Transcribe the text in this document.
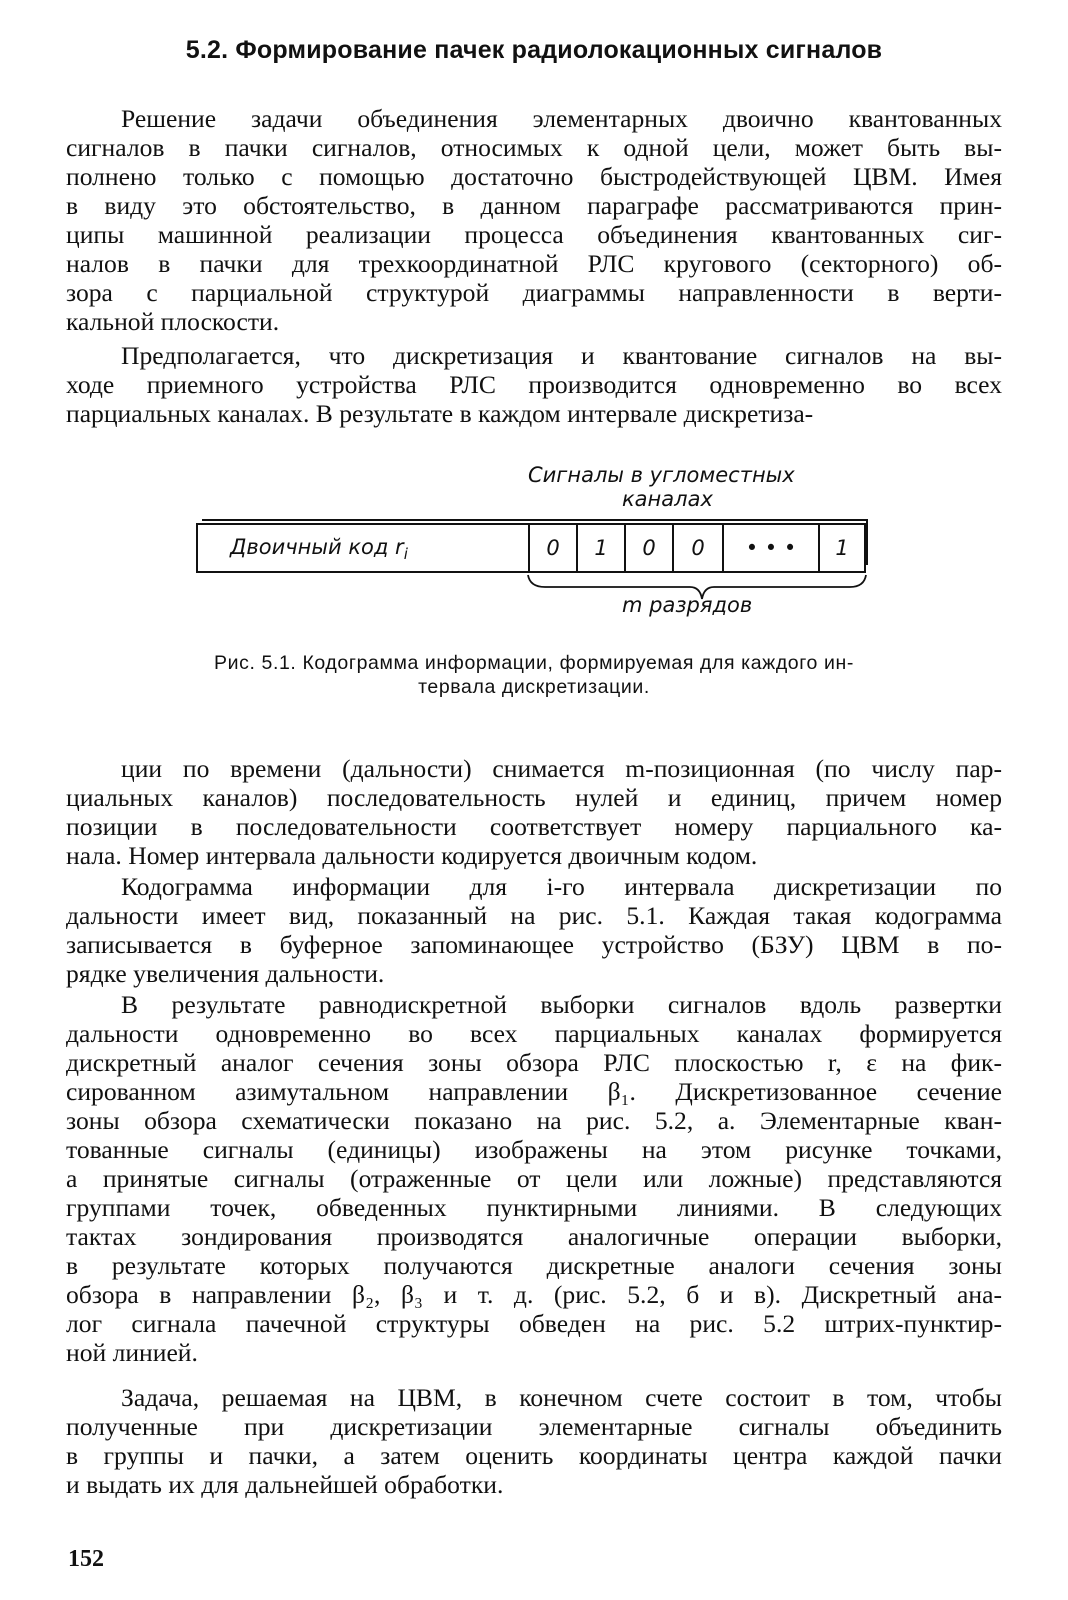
5.2. Формирование пачек радиолокационных сигналов
Решение задачи объединения элементарных двоично квантованных
сигналов в пачки сигналов, относимых к одной цели, может быть вы-
полнено только с помощью достаточно быстродействующей ЦВМ. Имея
в виду это обстоятельство, в данном параграфе рассматриваются прин-
ципы машинной реализации процесса объединения квантованных сиг-
налов в пачки для трехкоординатной РЛС кругового (секторного) об-
зора с парциальной структурой диаграммы направленности в верти-
кальной плоскости.
Предполагается, что дискретизация и квантование сигналов на вы-
ходе приемного устройства РЛС производится одновременно во всех
парциальных каналах. В результате в каждом интервале дискретиза-
Сигналы в угломестных
каналах
Двоичный код $r_i$	0 1 0 0 • • • 1
m разрядов
Рис. 5.1. Кодограмма информации, формируемая для каждого ин-
тервала дискретизации.
ции по времени (дальности) снимается m-позиционная (по числу пар-
циальных каналов) последовательность нулей и единиц, причем номер
позиции в последовательности соответствует номеру парциального ка-
нала. Номер интервала дальности кодируется двоичным кодом.
Кодограмма информации для i-го интервала дискретизации по
дальности имеет вид, показанный на рис. 5.1. Каждая такая кодограмма
записывается в буферное запоминающее устройство (БЗУ) ЦВМ в по-
рядке увеличения дальности.
В результате равнодискретной выборки сигналов вдоль развертки
дальности одновременно во всех парциальных каналах формируется
дискретный аналог сечения зоны обзора РЛС плоскостью r, ε на фик-
сированном азимутальном направлении β₁. Дискретизованное сечение
зоны обзора схематически показано на рис. 5.2, а. Элементарные кван-
тованные сигналы (единицы) изображены на этом рисунке точками,
а принятые сигналы (отраженные от цели или ложные) представляются
группами точек, обведенных пунктирными линиями. В следующих
тактах зондирования производятся аналогичные операции выборки,
в результате которых получаются дискретные аналоги сечения зоны
обзора в направлении β₂, β₃ и т. д. (рис. 5.2, б и в). Дискретный ана-
лог сигнала пачечной структуры обведен на рис. 5.2 штрих-пунктир-
ной линией.
Задача, решаемая на ЦВМ, в конечном счете состоит в том, чтобы
полученные при дискретизации элементарные сигналы объединить
в группы и пачки, а затем оценить координаты центра каждой пачки
и выдать их для дальнейшей обработки.
152
